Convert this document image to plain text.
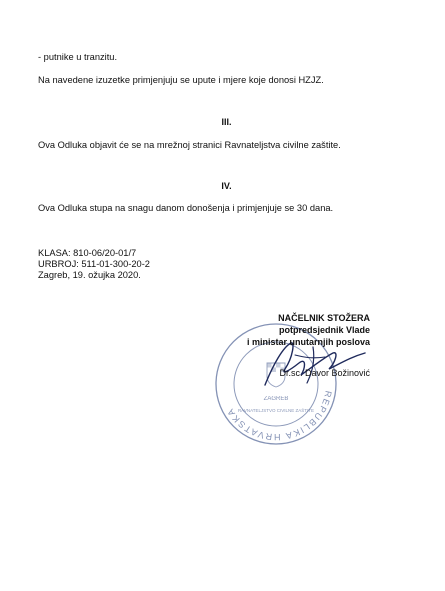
- putnike u tranzitu.
Na navedene izuzetke primjenjuju se upute i mjere koje donosi HZJZ.
III.
Ova Odluka objavit će se na mrežnoj stranici Ravnateljstva civilne zaštite.
IV.
Ova Odluka stupa na snagu danom donošenja i primjenjuje se 30 dana.
KLASA: 810-06/20-01/7
URBROJ: 511-01-300-20-2
Zagreb, 19. ožujka 2020.
REPUBLIKA HRVATSKA
ZAGREB
RAVNATELJSTVO CIVILNE ZAŠTITE
NAČELNIK STOŽERA
potpredsjednik Vlade
i ministar unutarnjih poslova
Dr.sc. Davor Božinović
